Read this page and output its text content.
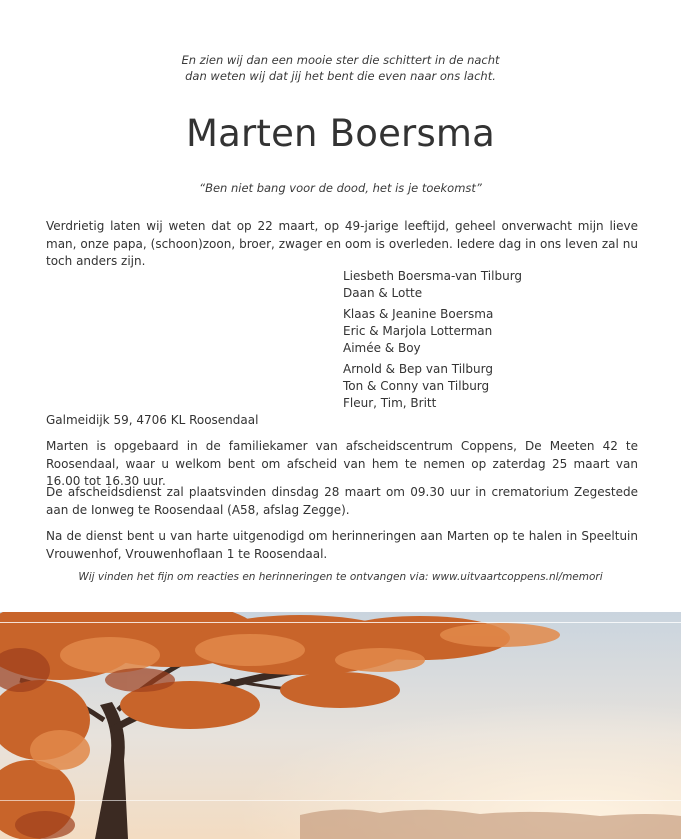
En zien wij dan een mooie ster die schittert in de nacht
dan weten wij dat jij het bent die even naar ons lacht.
Marten Boersma
“Ben niet bang voor de dood, het is je toekomst”
Verdrietig laten wij weten dat op 22 maart, op 49-jarige leeftijd, geheel onverwacht mijn lieve man, onze papa, (schoon)zoon, broer, zwager en oom is overleden. Iedere dag in ons leven zal nu toch anders zijn.
Liesbeth Boersma-van Tilburg
Daan & Lotte
Klaas & Jeanine Boersma
Eric & Marjola Lotterman
Aimée & Boy
Arnold & Bep van Tilburg
Ton & Conny van Tilburg
Fleur, Tim, Britt
Galmeidijk 59, 4706 KL Roosendaal
Marten is opgebaard in de familiekamer van afscheidscentrum Coppens, De Meeten 42 te Roosendaal, waar u welkom bent om afscheid van hem te nemen op zaterdag 25 maart van 16.00 tot 16.30 uur.
De afscheidsdienst zal plaatsvinden dinsdag 28 maart om 09.30 uur in crematorium Zegestede aan de Ionweg te Roosendaal (A58, afslag Zegge).
Na de dienst bent u van harte uitgenodigd om herinneringen aan Marten op te halen in Speeltuin Vrouwenhof, Vrouwenhoflaan 1 te Roosendaal.
Wij vinden het fijn om reacties en herinneringen te ontvangen via: www.uitvaartcoppens.nl/memori
